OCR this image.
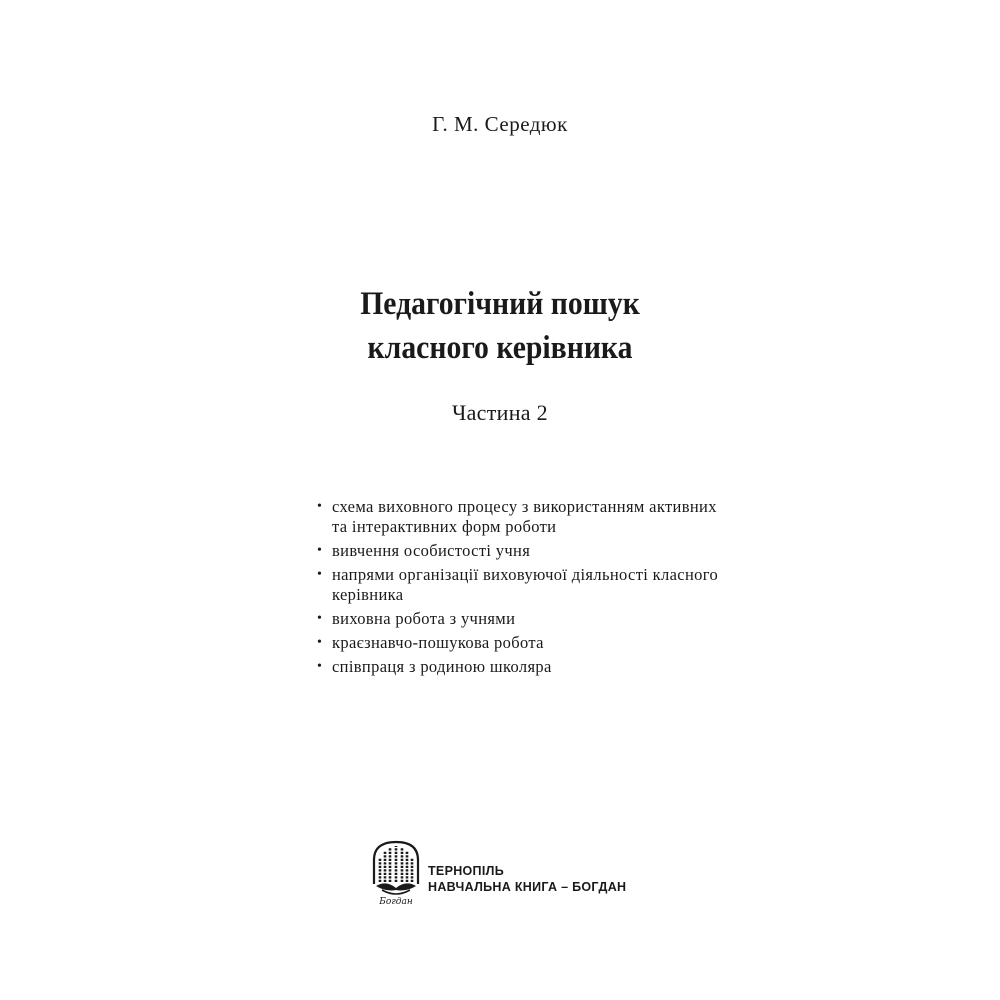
Г. М. Середюк
Педагогічний пошук
класного керівника
Частина 2
• схема виховного процесу з використанням активних та інтерактивних форм роботи
• вивчення особистості учня
• напрями організації виховуючої діяльності класного керівника
• виховна робота з учнями
• краєзнавчо-пошукова робота
• співпраця з родиною школяра
Богдан
ТЕРНОПІЛЬ
НАВЧАЛЬНА КНИГА – БОГДАН
